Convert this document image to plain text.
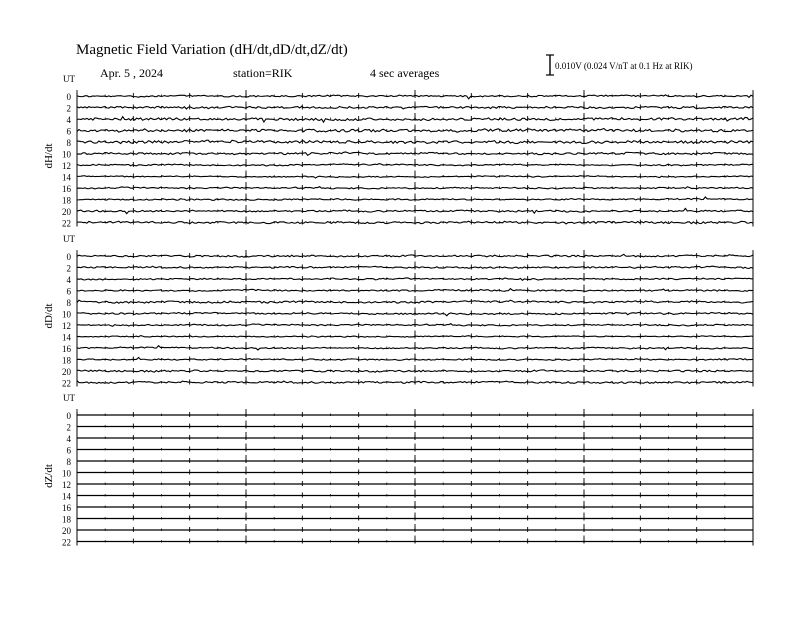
Magnetic Field Variation (dH/dt,dD/dt,dZ/dt)
Apr. 5 , 2024	station=RIK	4 sec averages	0.010V (0.024 V/nT at 0.1 Hz at RIK)
UT
dH/dt
0
2
4
6
8
10
12
14
16
18
20
22
UT
dD/dt
0
2
4
6
8
10
12
14
16
18
20
22
UT
dZ/dt
0
2
4
6
8
10
12
14
16
18
20
22
